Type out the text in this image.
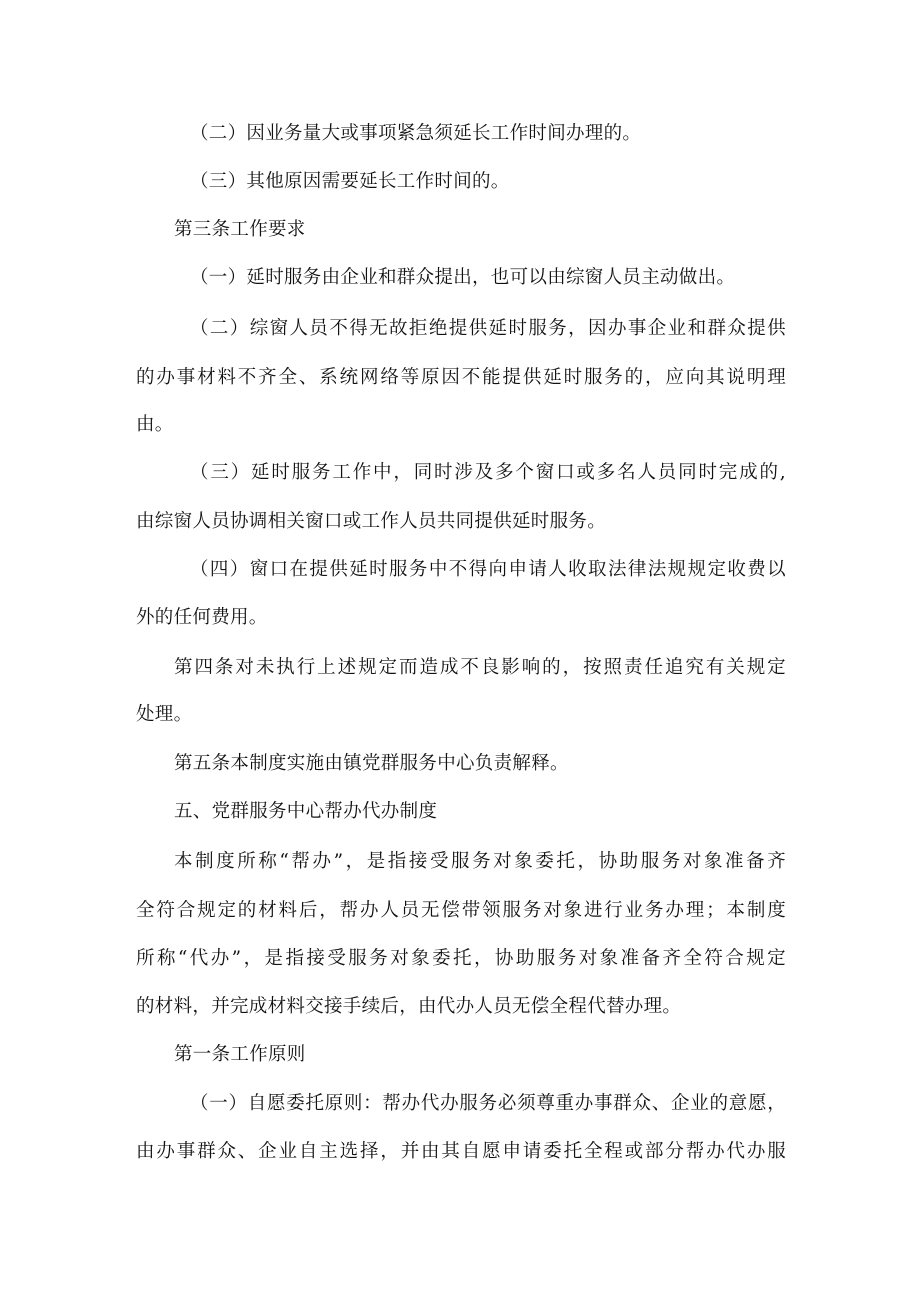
（二）因业务量大或事项紧急须延长工作时间办理的。

（三）其他原因需要延长工作时间的。

第三条工作要求

（一）延时服务由企业和群众提出，也可以由综窗人员主动做出。

（二）综窗人员不得无故拒绝提供延时服务，因办事企业和群众提供

的办事材料不齐全、系统网络等原因不能提供延时服务的，应向其说明理

由。

（三）延时服务工作中，同时涉及多个窗口或多名人员同时完成的,

由综窗人员协调相关窗口或工作人员共同提供延时服务。

（四）窗口在提供延时服务中不得向申请人收取法律法规规定收费以

外的任何费用。

第四条对未执行上述规定而造成不良影响的，按照责任追究有关规定

处理。

第五条本制度实施由镇党群服务中心负责解释。

五、党群服务中心帮办代办制度

本制度所称“帮办”，是指接受服务对象委托，协助服务对象准备齐

全符合规定的材料后，帮办人员无偿带领服务对象进行业务办理；本制度

所称“代办”，是指接受服务对象委托，协助服务对象准备齐全符合规定

的材料，并完成材料交接手续后，由代办人员无偿全程代替办理。

第一条工作原则

（一）自愿委托原则：帮办代办服务必须尊重办事群众、企业的意愿，

由办事群众、企业自主选择，并由其自愿申请委托全程或部分帮办代办服
